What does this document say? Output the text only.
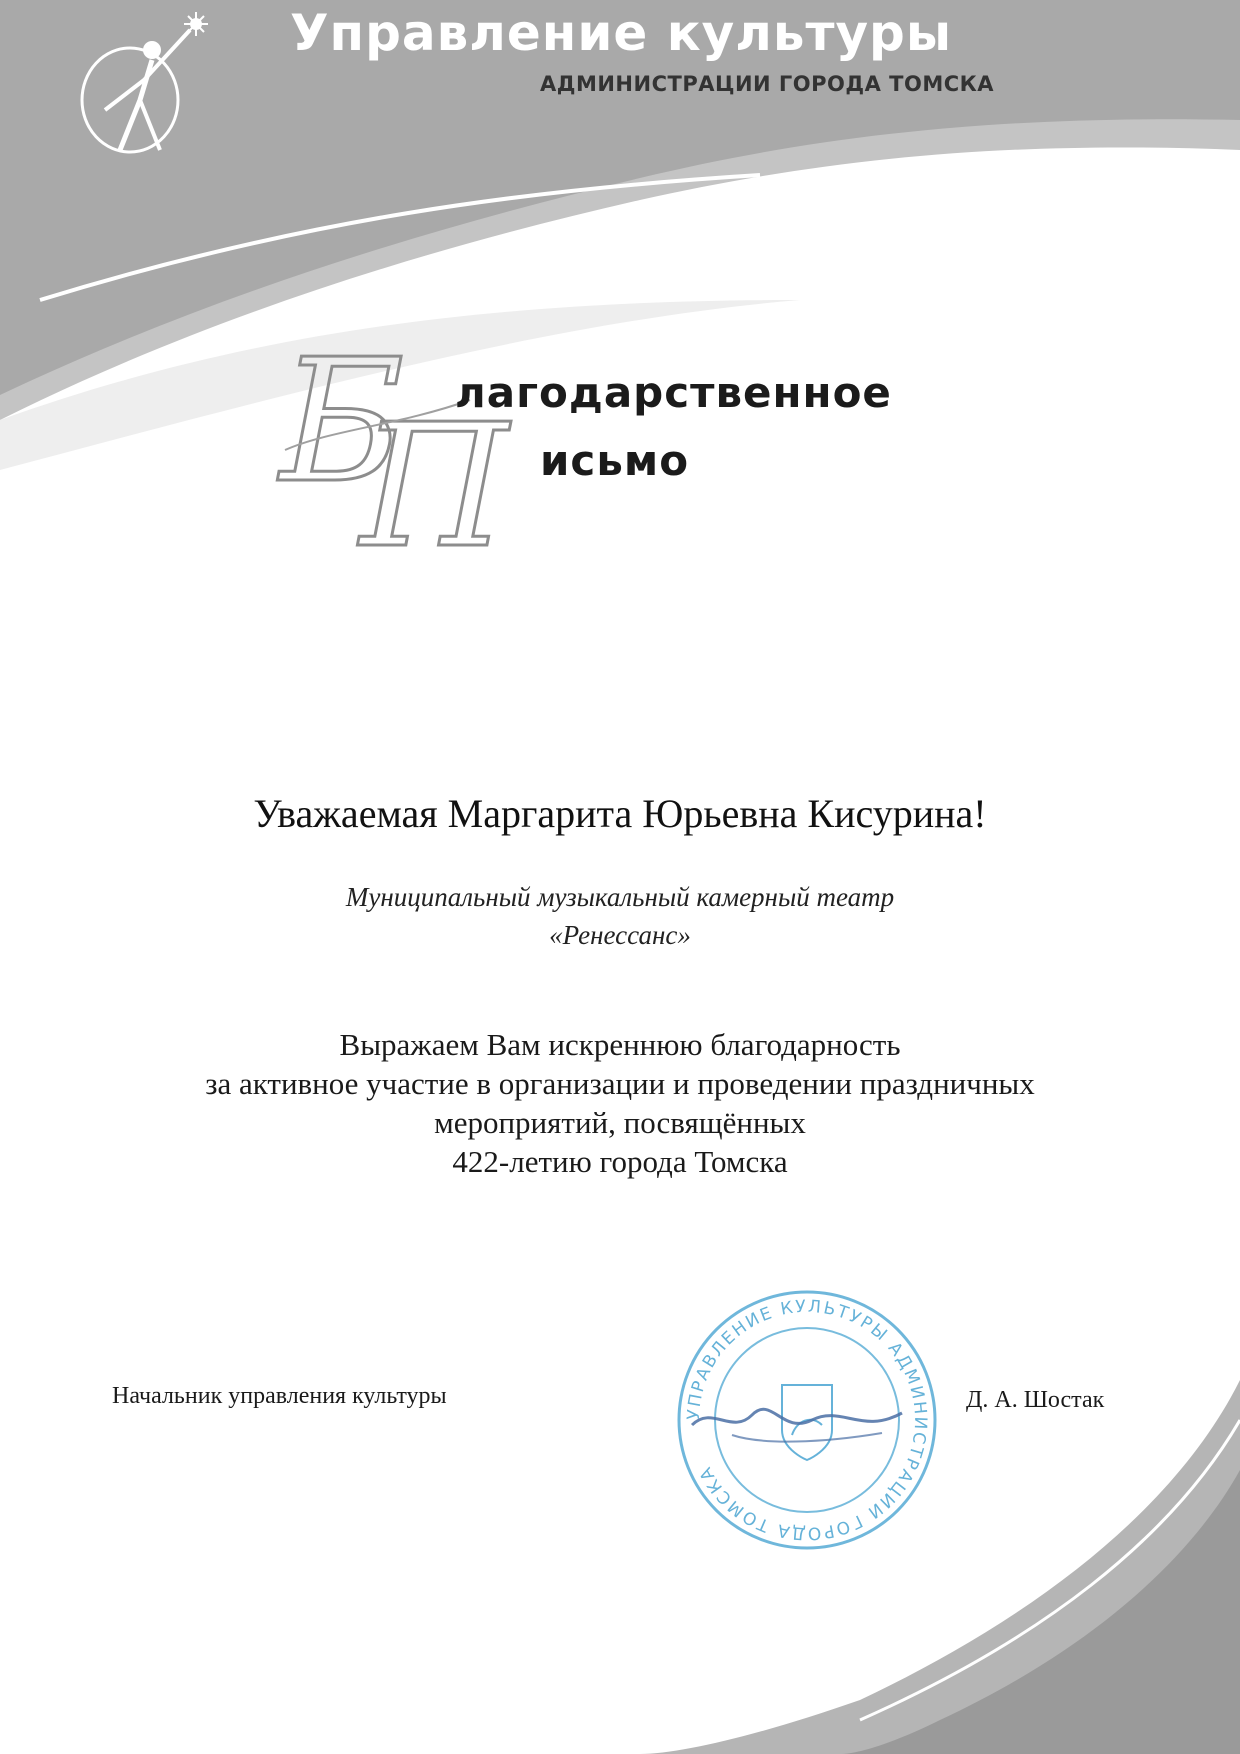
Управление культуры
АДМИНИСТРАЦИИ ГОРОДА ТОМСКА
Б
П
лагодарственное
исьмо
Уважаемая Маргарита Юрьевна Кисурина!
Муниципальный музыкальный камерный театр
«Ренессанс»
Выражаем Вам искреннюю благодарность
за активное участие в организации и проведении праздничных
мероприятий, посвящённых
422-летию города Томска
Начальник управления культуры
УПРАВЛЕНИЕ КУЛЬТУРЫ АДМИНИСТРАЦИИ ГОРОДА ТОМСКА
Д. А. Шостак
